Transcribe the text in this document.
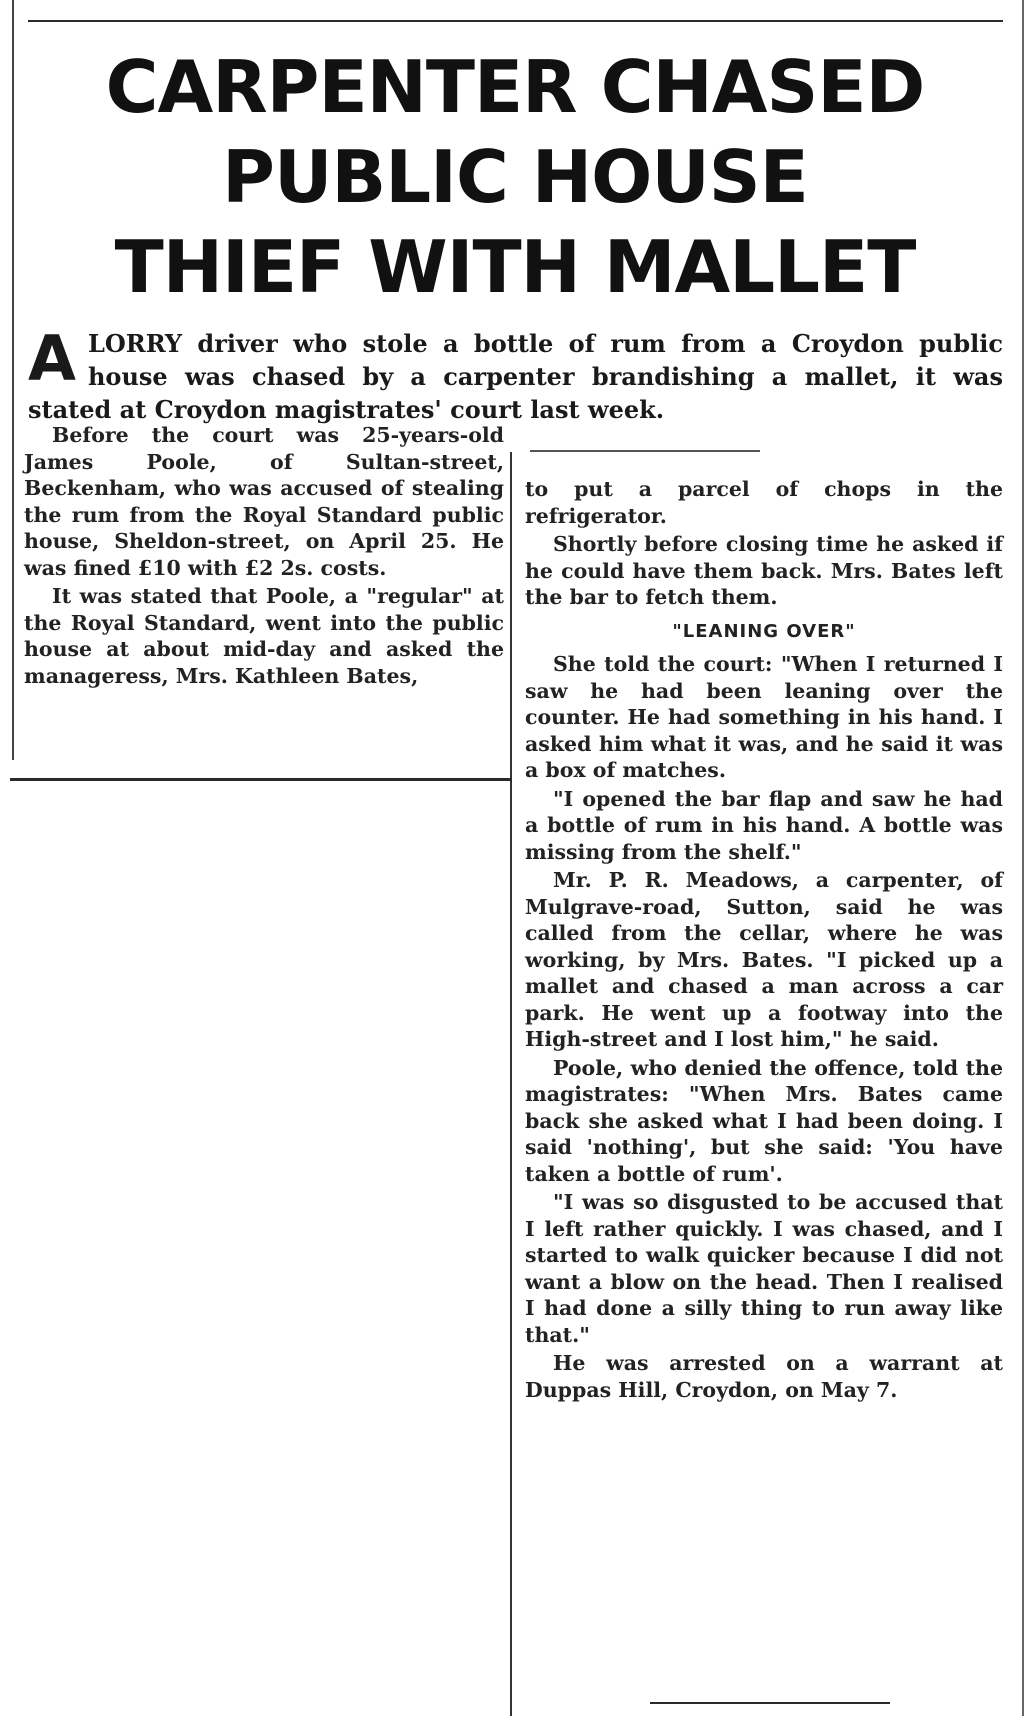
CARPENTER CHASED
PUBLIC HOUSE
THIEF WITH MALLET
A LORRY driver who stole a bottle of rum from a Croydon public house was chased by a carpenter brandishing a mallet, it was stated at Croydon magistrates' court last week.

Before the court was 25-years-old James Poole, of Sultan-street, Beckenham, who was accused of stealing the rum from the Royal Standard public house, Sheldon-street, on April 25. He was fined £10 with £2 2s. costs.

It was stated that Poole, a "regular" at the Royal Standard, went into the public house at about mid-day and asked the manageress, Mrs. Kathleen Bates,

to put a parcel of chops in the refrigerator.

Shortly before closing time he asked if he could have them back. Mrs. Bates left the bar to fetch them.

"LEANING OVER"

She told the court: "When I returned I saw he had been leaning over the counter. He had something in his hand. I asked him what it was, and he said it was a box of matches.

"I opened the bar flap and saw he had a bottle of rum in his hand. A bottle was missing from the shelf."

Mr. P. R. Meadows, a carpenter, of Mulgrave-road, Sutton, said he was called from the cellar, where he was working, by Mrs. Bates. "I picked up a mallet and chased a man across a car park. He went up a footway into the High-street and I lost him," he said.

Poole, who denied the offence, told the magistrates: "When Mrs. Bates came back she asked what I had been doing. I said 'nothing', but she said: 'You have taken a bottle of rum'.

"I was so disgusted to be accused that I left rather quickly. I was chased, and I started to walk quicker because I did not want a blow on the head. Then I realised I had done a silly thing to run away like that."

He was arrested on a warrant at Duppas Hill, Croydon, on May 7.
